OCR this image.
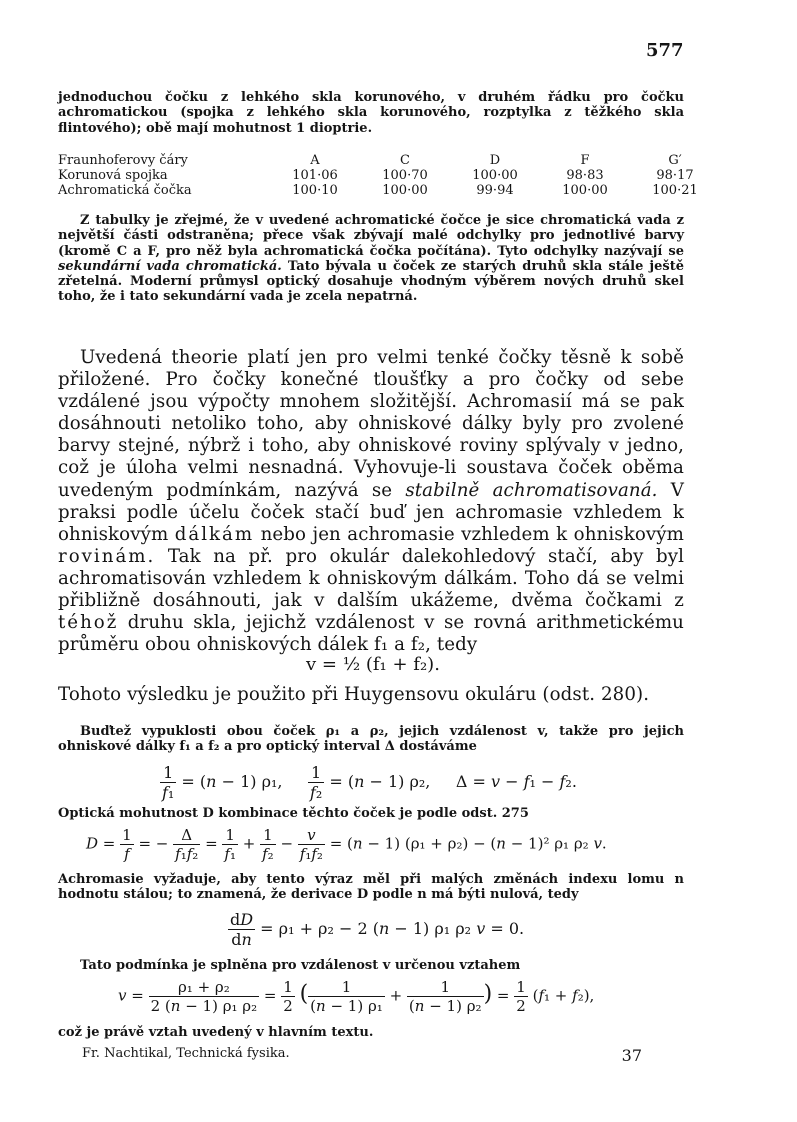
577

jednoduchou čočku z lehkého skla korunového, v druhém řádku pro čočku achromatickou (spojka z lehkého skla korunového, rozptylka z těžkého skla flintového); obě mají mohutnost 1 dioptrie.

Fraunhoferovy čáry	A	C	D	F	G′
Korunová spojka	101·06	100·70	100·00	98·83	98·17
Achromatická čočka	100·10	100·00	99·94	100·00	100·21

Z tabulky je zřejmé, že v uvedené achromatické čočce je sice chromatická vada z největší části odstraněna; přece však zbývají malé odchylky pro jednotlivé barvy (kromě C a F, pro něž byla achromatická čočka počítána). Tyto odchylky nazývají se sekundární vada chromatická. Tato bývala u čoček ze starých druhů skla stále ještě zřetelná. Moderní průmysl optický dosahuje vhodným výběrem nových druhů skel toho, že i tato sekundární vada je zcela nepatrná.

Uvedená theorie platí jen pro velmi tenké čočky těsně k sobě přiložené. Pro čočky konečné tloušťky a pro čočky od sebe vzdálené jsou výpočty mnohem složitější. Achromasií má se pak dosáhnouti netoliko toho, aby ohniskové dálky byly pro zvolené barvy stejné, nýbrž i toho, aby ohniskové roviny splývaly v jedno, což je úloha velmi nesnadná. Vyhovuje-li soustava čoček oběma uvedeným podmínkám, nazývá se stabilně achromatisovaná. V praksi podle účelu čoček stačí buď jen achromasie vzhledem k ohniskovým dálkám nebo jen achromasie vzhledem k ohniskovým rovinám. Tak na př. pro okulár dalekohledový stačí, aby byl achromatisován vzhledem k ohniskovým dálkám. Toho dá se velmi přibližně dosáhnouti, jak v dalším ukážeme, dvěma čočkami z téhož druhu skla, jejichž vzdálenost v se rovná arithmetickému průměru obou ohniskových dálek f₁ a f₂, tedy

v = ½ (f₁ + f₂).

Tohoto výsledku je použito při Huygensovu okuláru (odst. 280).

Buďtež vypuklosti obou čoček ρ₁ a ρ₂, jejich vzdálenost v, takže pro jejich ohniskové dálky f₁ a f₂ a pro optický interval Δ dostáváme

$\frac{1}{\text{f₁}} = (n - 1)$ ρ₁, $\frac{1}{\text{f₂}} = (n - 1)$ ρ₂,     Δ = v − f₁ − f₂.

Optická mohutnost D kombinace těchto čoček je podle odst. 275

$D = \frac{1}{f}$ = − $\frac{\Delta}{\text{f₁f₂}} = \frac{1}{\text{f₁}} + \frac{1}{\text{f₂}} - \frac{v}{\text{f₁f₂}} = (n - 1) (\rho_1 + \rho_2) - (n - 1)^2$ ρ₁ ρ₂ v.

Achromasie vyžaduje, aby tento výraz měl při malých změnách indexu lomu n hodnotu stálou; to znamená, že derivace D podle n má býti nulová, tedy

$\frac{dD}{dn} = \rho_1 + \rho_2 - 2$ (n − 1) ρ₁ ρ₂ v = 0.

Tato podmínka je splněna pro vzdálenost v určenou vztahem

$v = \frac{\text{ρ₁ + ρ₂}}{\text{2 (n − 1) ρ₁ ρ₂}} = \frac{1}{2}$ ( $\frac{1}{\text{(n − 1) ρ₁}} + \frac{1}{\text{(n − 1) ρ₂}}$ ) = $\frac{1}{2} (f_1 + f_2)$,

což je právě vztah uvedený v hlavním textu.

Fr. Nachtikal, Technická fysika.	37
